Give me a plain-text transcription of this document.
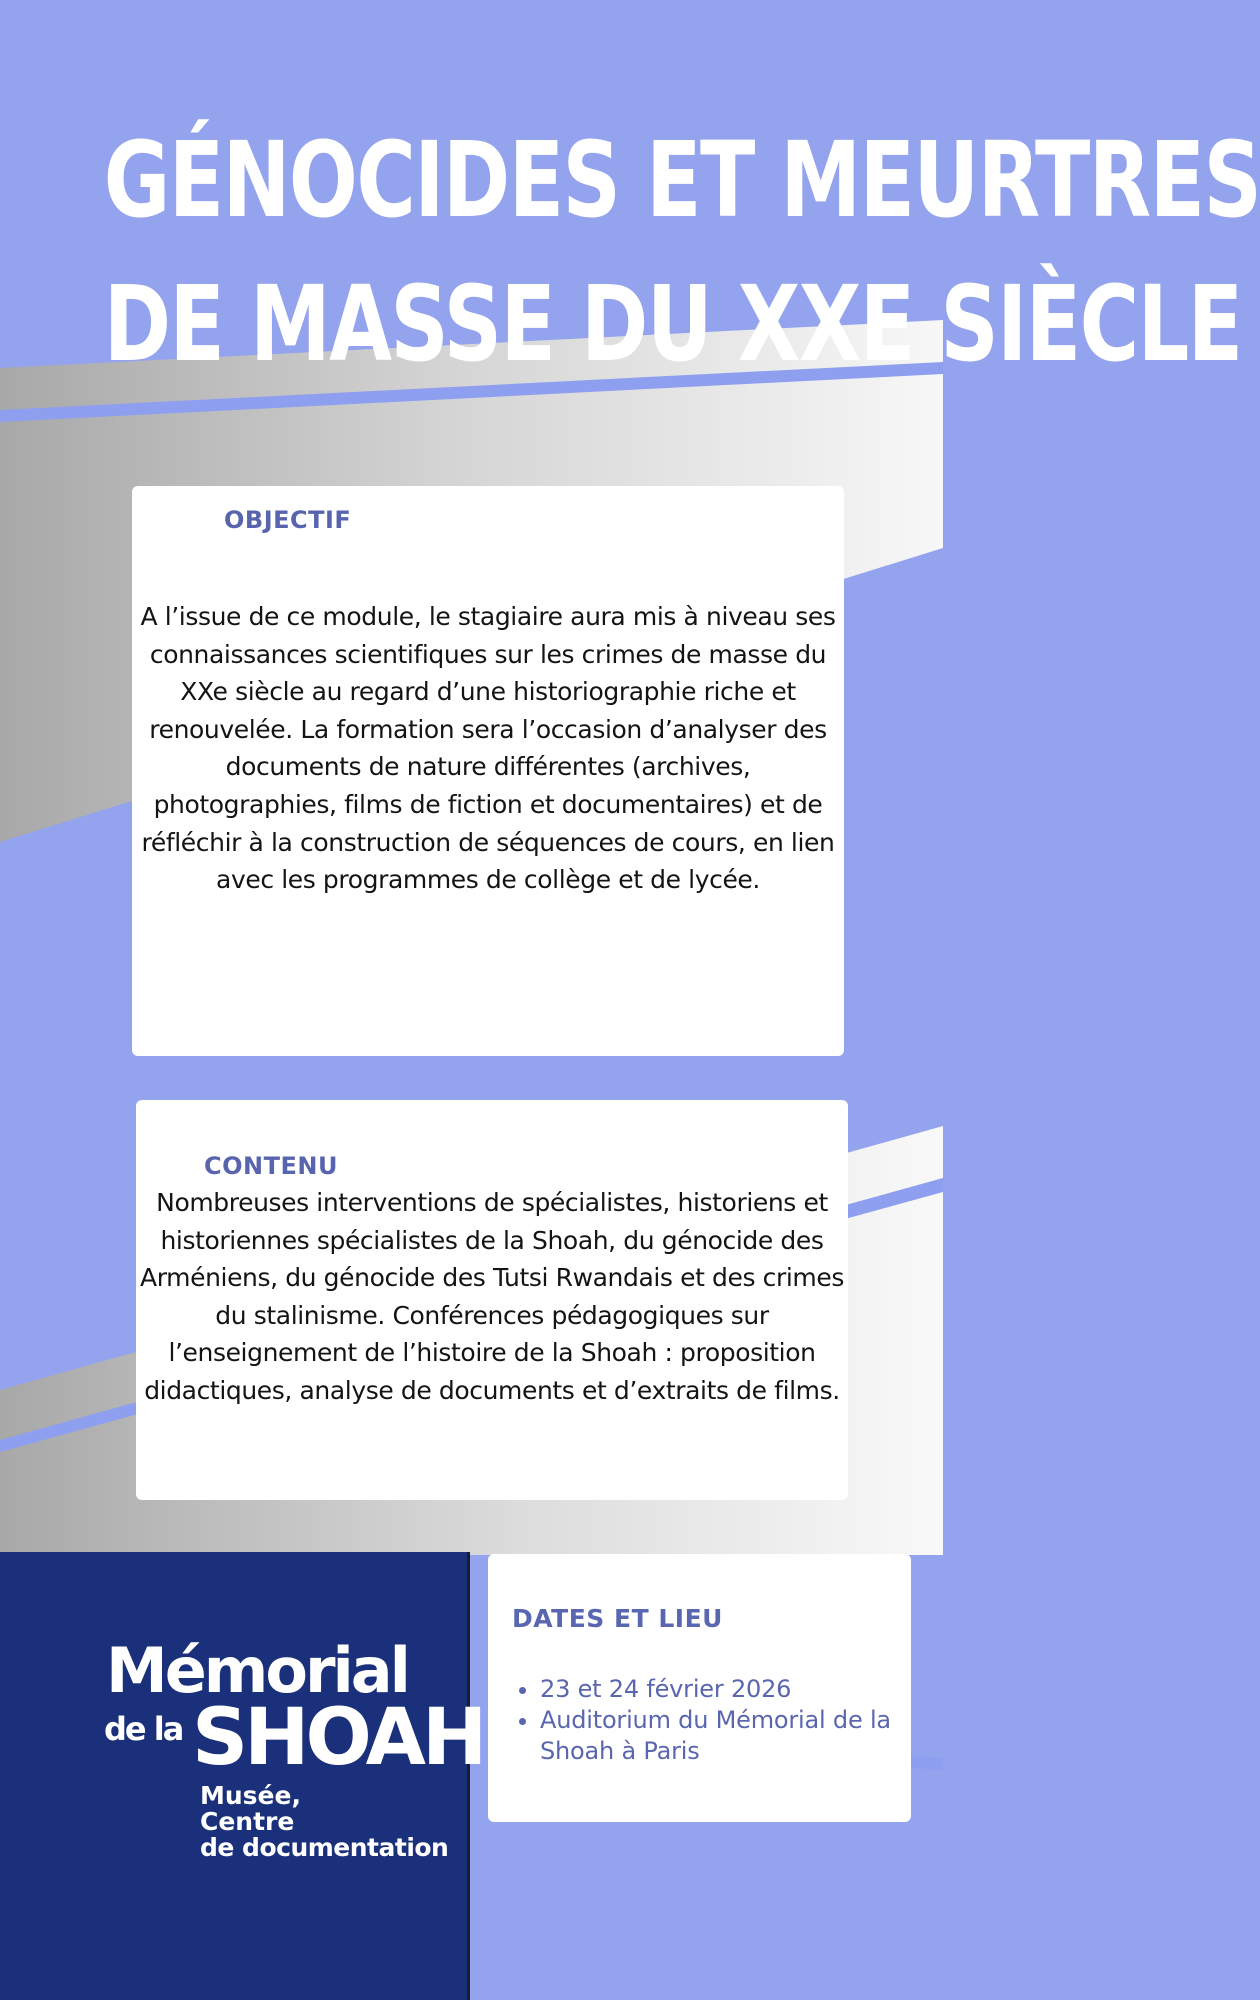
GÉNOCIDES ET MEURTRES
DE MASSE DU XXE SIÈCLE
OBJECTIF

A l’issue de ce module, le stagiaire aura mis à niveau ses connaissances scientifiques sur les crimes de masse du XXe siècle au regard d’une historiographie riche et renouvelée. La formation sera l’occasion d’analyser des documents de nature différentes (archives, photographies, films de fiction et documentaires) et de réfléchir à la construction de séquences de cours, en lien avec les programmes de collège et de lycée.

CONTENU

Nombreuses interventions de spécialistes, historiens et historiennes spécialistes de la Shoah, du génocide des Arméniens, du génocide des Tutsi Rwandais et des crimes du stalinisme. Conférences pédagogiques sur l’enseignement de l’histoire de la Shoah : proposition didactiques, analyse de documents et d’extraits de films.

Mémorial
de la SHOAH
Musée,
Centre
de documentation
DATES ET LIEU
• 23 et 24 février 2026
• Auditorium du Mémorial de la Shoah à Paris
